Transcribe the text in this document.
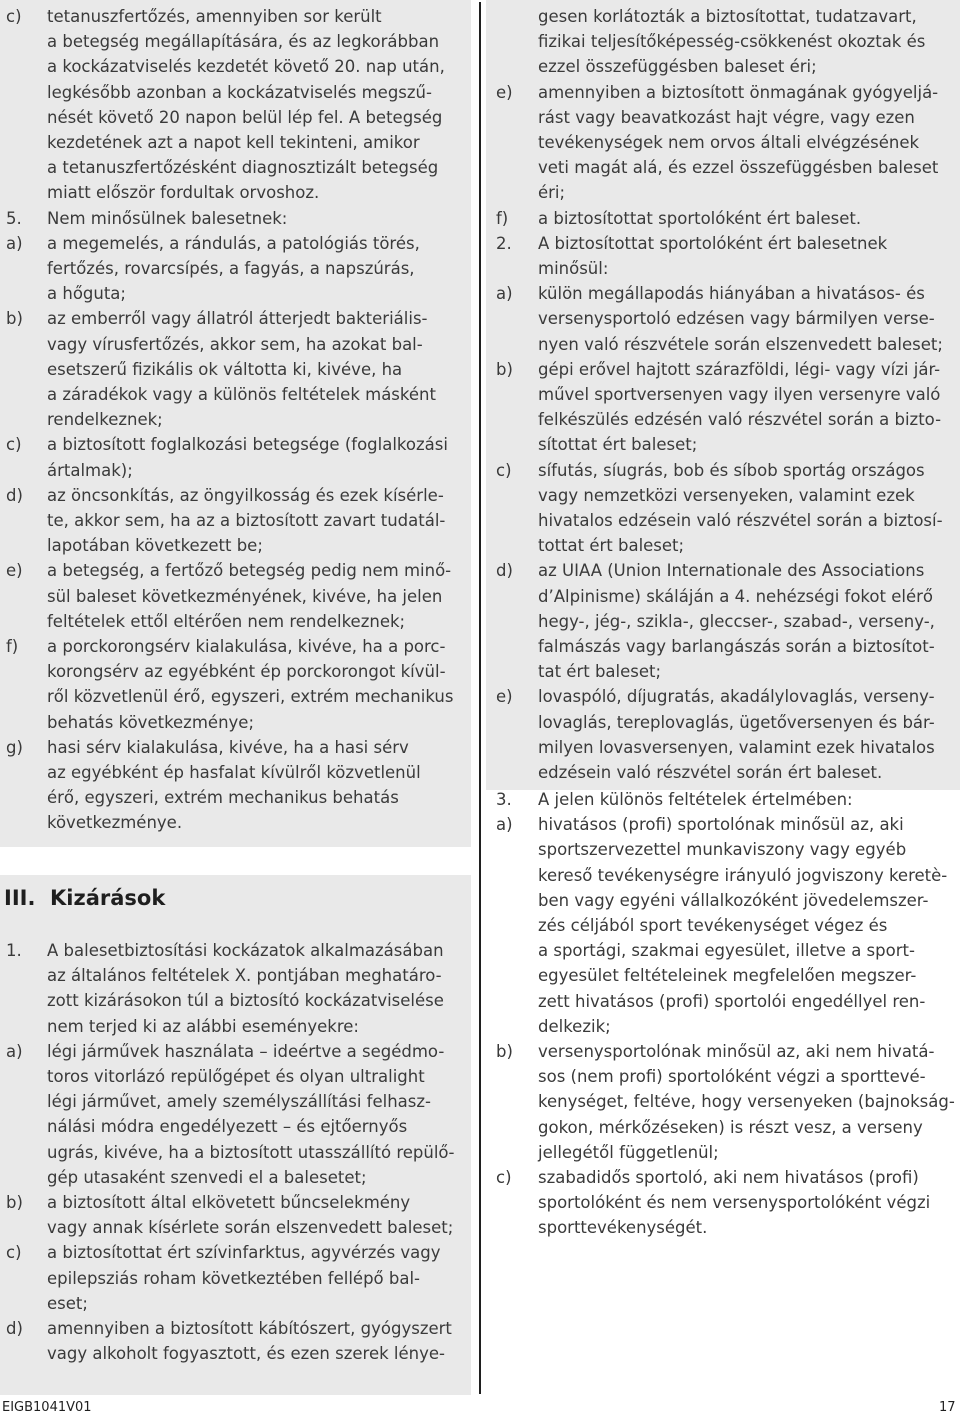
c) tetanuszfertőzés, amennyiben sor került
a betegség megállapítására, és az legkorábban
a kockázatviselés kezdetét követő 20. nap után,
legkésőbb azonban a kockázatviselés megszű-
nését követő 20 napon belül lép fel. A betegség
kezdetének azt a napot kell tekinteni, amikor
a tetanuszfertőzésként diagnosztizált betegség
miatt először fordultak orvoshoz.
5. Nem minősülnek balesetnek:
a) a megemelés, a rándulás, a patológiás törés,
fertőzés, rovarcsípés, a fagyás, a napszúrás,
a hőguta;
b) az emberről vagy állatról átterjedt bakteriális-
vagy vírusfertőzés, akkor sem, ha azokat bal-
esetszerű fizikális ok váltotta ki, kivéve, ha
a záradékok vagy a különös feltételek másként
rendelkeznek;
c) a biztosított foglalkozási betegsége (foglalkozási
ártalmak);
d) az öncsonkítás, az öngyilkosság és ezek kísérle-
te, akkor sem, ha az a biztosított zavart tudatál-
lapotában következett be;
e) a betegség, a fertőző betegség pedig nem minő-
sül baleset következményének, kivéve, ha jelen
feltételek ettől eltérően nem rendelkeznek;
f) a porckorongsérv kialakulása, kivéve, ha a porc-
korongsérv az egyébként ép porckorongot kívül-
ről közvetlenül érő, egyszeri, extrém mechanikus
behatás következménye;
g) hasi sérv kialakulása, kivéve, ha a hasi sérv
az egyébként ép hasfalat kívülről közvetlenül
érő, egyszeri, extrém mechanikus behatás
következménye.
III. Kizárások
1. A balesetbiztosítási kockázatok alkalmazásában
az általános feltételek X. pontjában meghatáro-
zott kizárásokon túl a biztosító kockázatviselése
nem terjed ki az alábbi eseményekre:
a) légi járművek használata – ideértve a segédmo-
toros vitorlázó repülőgépet és olyan ultralight
légi járművet, amely személyszállítási felhasz-
nálási módra engedélyezett – és ejtőernyős
ugrás, kivéve, ha a biztosított utasszállító repülő-
gép utasaként szenvedi el a balesetet;
b) a biztosított által elkövetett bűncselekmény
vagy annak kísérlete során elszenvedett baleset;
c) a biztosítottat ért szívinfarktus, agyvérzés vagy
epilepsziás roham következtében fellépő bal-
eset;
d) amennyiben a biztosított kábítószert, gyógyszert
vagy alkoholt fogyasztott, és ezen szerek lénye-
gesen korlátozták a biztosítottat, tudatzavart,
fizikai teljesítőképesség-csökkenést okoztak és
ezzel összefüggésben baleset éri;
e) amennyiben a biztosított önmagának gyógyeljá-
rást vagy beavatkozást hajt végre, vagy ezen
tevékenységek nem orvos általi elvégzésének
veti magát alá, és ezzel összefüggésben baleset
éri;
f) a biztosítottat sportolóként ért baleset.
2. A biztosítottat sportolóként ért balesetnek
minősül:
a) külön megállapodás hiányában a hivatásos- és
versenysportoló edzésen vagy bármilyen verse-
nyen való részvétele során elszenvedett baleset;
b) gépi erővel hajtott szárazföldi, légi- vagy vízi jár-
művel sportversenyen vagy ilyen versenyre való
felkészülés edzésén való részvétel során a bizto-
sítottat ért baleset;
c) sífutás, síugrás, bob és síbob sportág országos
vagy nemzetközi versenyeken, valamint ezek
hivatalos edzésein való részvétel során a biztosí-
tottat ért baleset;
d) az UIAA (Union Internationale des Associations
d’Alpinisme) skáláján a 4. nehézségi fokot elérő
hegy-, jég-, szikla-, gleccser-, szabad-, verseny-,
falmászás vagy barlangászás során a biztosítot-
tat ért baleset;
e) lovaspóló, díjugratás, akadálylovaglás, verseny-
lovaglás, tereplovaglás, ügetőversenyen és bár-
milyen lovasversenyen, valamint ezek hivatalos
edzésein való részvétel során ért baleset.
3. A jelen különös feltételek értelmében:
a) hivatásos (profi) sportolónak minősül az, aki
sportszervezettel munkaviszony vagy egyéb
kereső tevékenységre irányuló jogviszony keretè-
ben vagy egyéni vállalkozóként jövedelemszer-
zés céljából sport tevékenységet végez és
a sportági, szakmai egyesület, illetve a sport-
egyesület feltételeinek megfelelően megszer-
zett hivatásos (profi) sportolói engedéllyel ren-
delkezik;
b) versenysportolónak minősül az, aki nem hivatá-
sos (nem profi) sportolóként végzi a sporttevé-
kenységet, feltéve, hogy versenyeken (bajnokság-
gokon, mérkőzéseken) is részt vesz, a verseny
jellegétől függetlenül;
c) szabadidős sportoló, aki nem hivatásos (profi)
sportolóként és nem versenysportolóként végzi
sporttevékenységét.
EIGB1041V01	17
